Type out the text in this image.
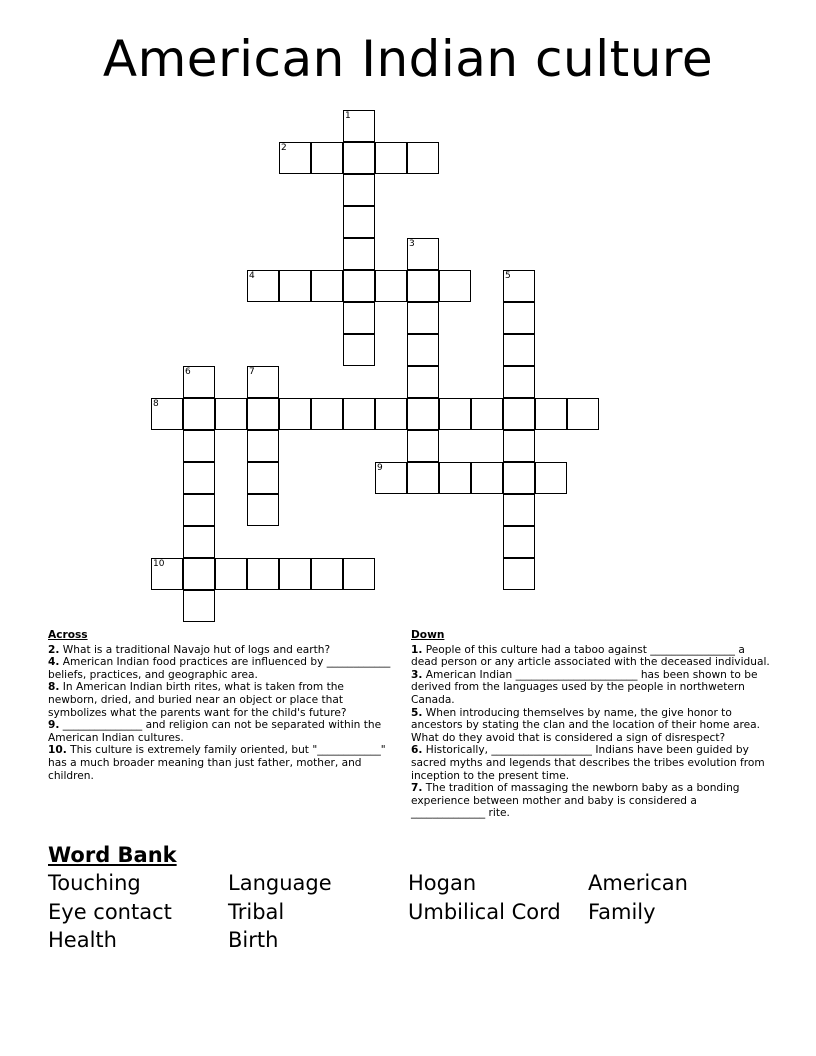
American Indian culture
1
2
3
4	5
6	7
8
9
10
Across
2. What is a traditional Navajo hut of logs and earth?
4. American Indian food practices are influenced by ____________ beliefs, practices, and geographic area.
8. In American Indian birth rites, what is taken from the newborn, dried, and buried near an object or place that symbolizes what the parents want for the child's future?
9. _______________ and religion can not be separated within the American Indian cultures.
10. This culture is extremely family oriented, but "____________" has a much broader meaning than just father, mother, and children.
Down
1. People of this culture had a taboo against ________________ a dead person or any article associated with the deceased individual.
3. American Indian _______________________ has been shown to be derived from the languages used by the people in northwetern Canada.
5. When introducing themselves by name, the give honor to ancestors by stating the clan and the location of their home area. What do they avoid that is considered a sign of disrespect?
6. Historically, ___________________ Indians have been guided by sacred myths and legends that describes the tribes evolution from inception to the present time.
7. The tradition of massaging the newborn baby as a bonding experience between mother and baby is considered a ______________ rite.
Word Bank
Touching	Language	Hogan	American
Eye contact	Tribal	Umbilical Cord	Family
Health	Birth
